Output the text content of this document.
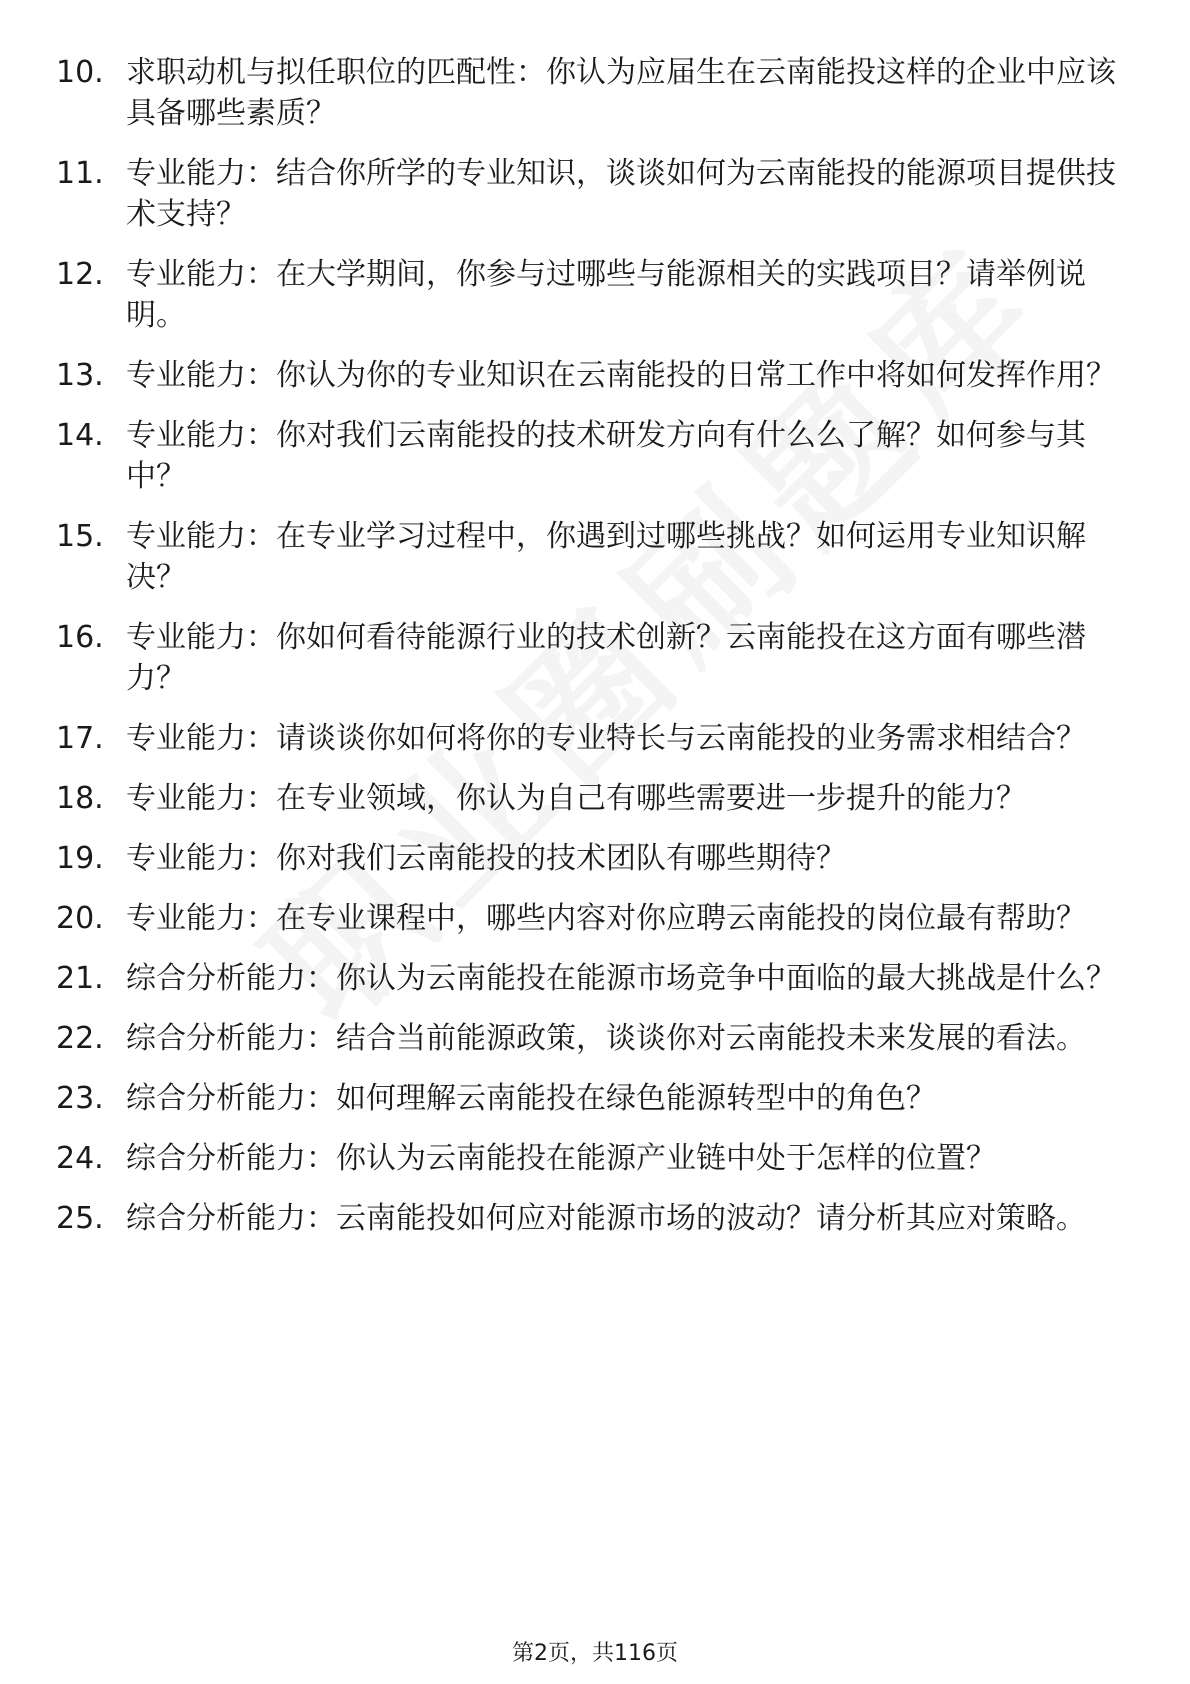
10. 求职动机与拟任职位的匹配性：你认为应届生在云南能投这样的企业中应该具备哪些素质？
11. 专业能力：结合你所学的专业知识，谈谈如何为云南能投的能源项目提供技术支持？
12. 专业能力：在大学期间，你参与过哪些与能源相关的实践项目？请举例说明。
13. 专业能力：你认为你的专业知识在云南能投的日常工作中将如何发挥作用？
14. 专业能力：你对我们云南能投的技术研发方向有什么么了解？如何参与其中？
15. 专业能力：在专业学习过程中，你遇到过哪些挑战？如何运用专业知识解决？
16. 专业能力：你如何看待能源行业的技术创新？云南能投在这方面有哪些潜力？
17. 专业能力：请谈谈你如何将你的专业特长与云南能投的业务需求相结合？
18. 专业能力：在专业领域，你认为自己有哪些需要进一步提升的能力？
19. 专业能力：你对我们云南能投的技术团队有哪些期待？
20. 专业能力：在专业课程中，哪些内容对你应聘云南能投的岗位最有帮助？
21. 综合分析能力：你认为云南能投在能源市场竞争中面临的最大挑战是什么？
22. 综合分析能力：结合当前能源政策，谈谈你对云南能投未来发展的看法。
23. 综合分析能力：如何理解云南能投在绿色能源转型中的角色？
24. 综合分析能力：你认为云南能投在能源产业链中处于怎样的位置？
25. 综合分析能力：云南能投如何应对能源市场的波动？请分析其应对策略。
第2页，共116页
